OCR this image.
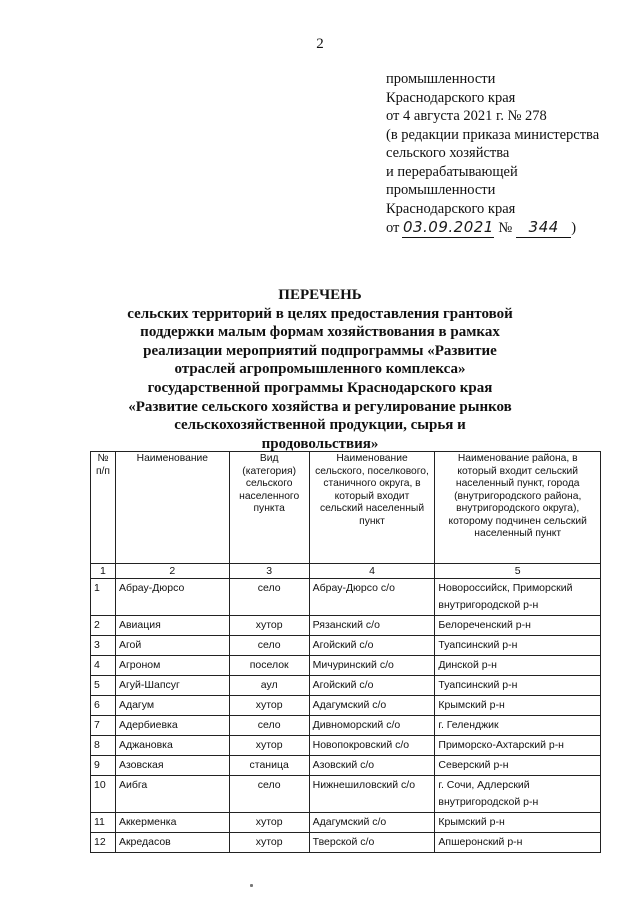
2
промышленности
Краснодарского края
от 4 августа 2021 г. № 278
(в редакции приказа министерства
сельского хозяйства
и перерабатывающей
промышленности
Краснодарского края
от 03.09.2021 №	344 )
ПЕРЕЧЕНЬ
сельских территорий в целях предоставления грантовой
поддержки малым формам хозяйствования в рамках
реализации мероприятий подпрограммы «Развитие
отраслей агропромышленного комплекса»
государственной программы Краснодарского края
«Развитие сельского хозяйства и регулирование рынков
сельскохозяйственной продукции, сырья и
продовольствия»
№ п/п	Наименование	Вид (категория) сельского населенного пункта	Наименование сельского, поселкового, станичного округа, в который входит сельский населенный пункт	Наименование района, в который входит сельский населенный пункт, города (внутригородского района, внутригородского округа), которому подчинен сельский населенный пункт
1	2	3	4	5
1	Абрау-Дюрсо	село	Абрау-Дюрсо с/о	Новороссийск, Приморский внутригородской р-н
2	Авиация	хутор	Рязанский с/о	Белореченский р-н
3	Агой	село	Агойский с/о	Туапсинский р-н
4	Агроном	поселок	Мичуринский с/о	Динской р-н
5	Агуй-Шапсуг	аул	Агойский с/о	Туапсинский р-н
6	Адагум	хутор	Адагумский с/о	Крымский р-н
7	Адербиевка	село	Дивноморский с/о	г. Геленджик
8	Аджановка	хутор	Новопокровский с/о	Приморско-Ахтарский р-н
9	Азовская	станица	Азовский с/о	Северский р-н
10	Аибга	село	Нижнешиловский с/о	г. Сочи, Адлерский внутригородской р-н
11	Аккерменка	хутор	Адагумский с/о	Крымский р-н
12	Акредасов	хутор	Тверской с/о	Апшеронский р-н
